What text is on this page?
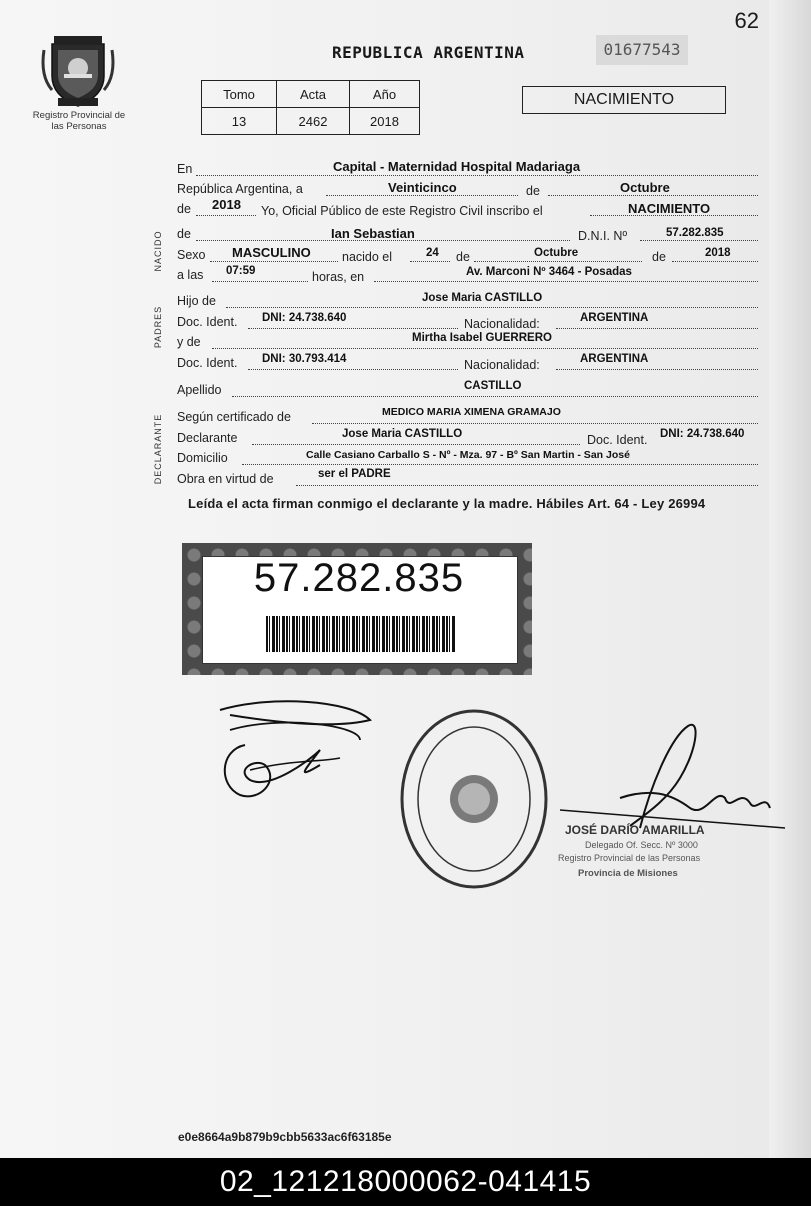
62
Registro Provincial de las Personas
REPUBLICA ARGENTINA	01677543
Tomo	Acta	Año
13	2462	2018
NACIMIENTO
NACIDO
PADRES
DECLARANTE
En	Capital - Maternidad Hospital Madariaga
República Argentina, a	Veinticinco	de	Octubre
de 2018 Yo, Oficial Público de este Registro Civil inscribo el	NACIMIENTO
de	Ian Sebastian	D.N.I. Nº	57.282.835
Sexo MASCULINO	nacido el	24 de	Octubre	de	2018
a las 07:59	horas, en	Av. Marconi Nº 3464 - Posadas
Hijo de	Jose Maria CASTILLO
Doc. Ident. DNI: 24.738.640	Nacionalidad:	ARGENTINA
y de	Mirtha Isabel GUERRERO
Doc. Ident. DNI: 30.793.414	Nacionalidad:	ARGENTINA
Apellido	CASTILLO
Según certificado de	MEDICO MARIA XIMENA GRAMAJO
Declarante	Jose Maria CASTILLO	Doc. Ident. DNI: 24.738.640
Domicilio	Calle Casiano Carballo S - Nº - Mza. 97 - Bº San Martin - San José
Obra en virtud de	ser el PADRE
Leída el acta firman conmigo el declarante y la madre. Hábiles Art. 64 - Ley 26994
57.282.835
JOSÉ DARÍO AMARILLA
Delegado Of. Secc. Nº 3000
Registro Provincial de las Personas
Provincia de Misiones
e0e8664a9b879b9cbb5633ac6f63185e
02_121218000062-041415
